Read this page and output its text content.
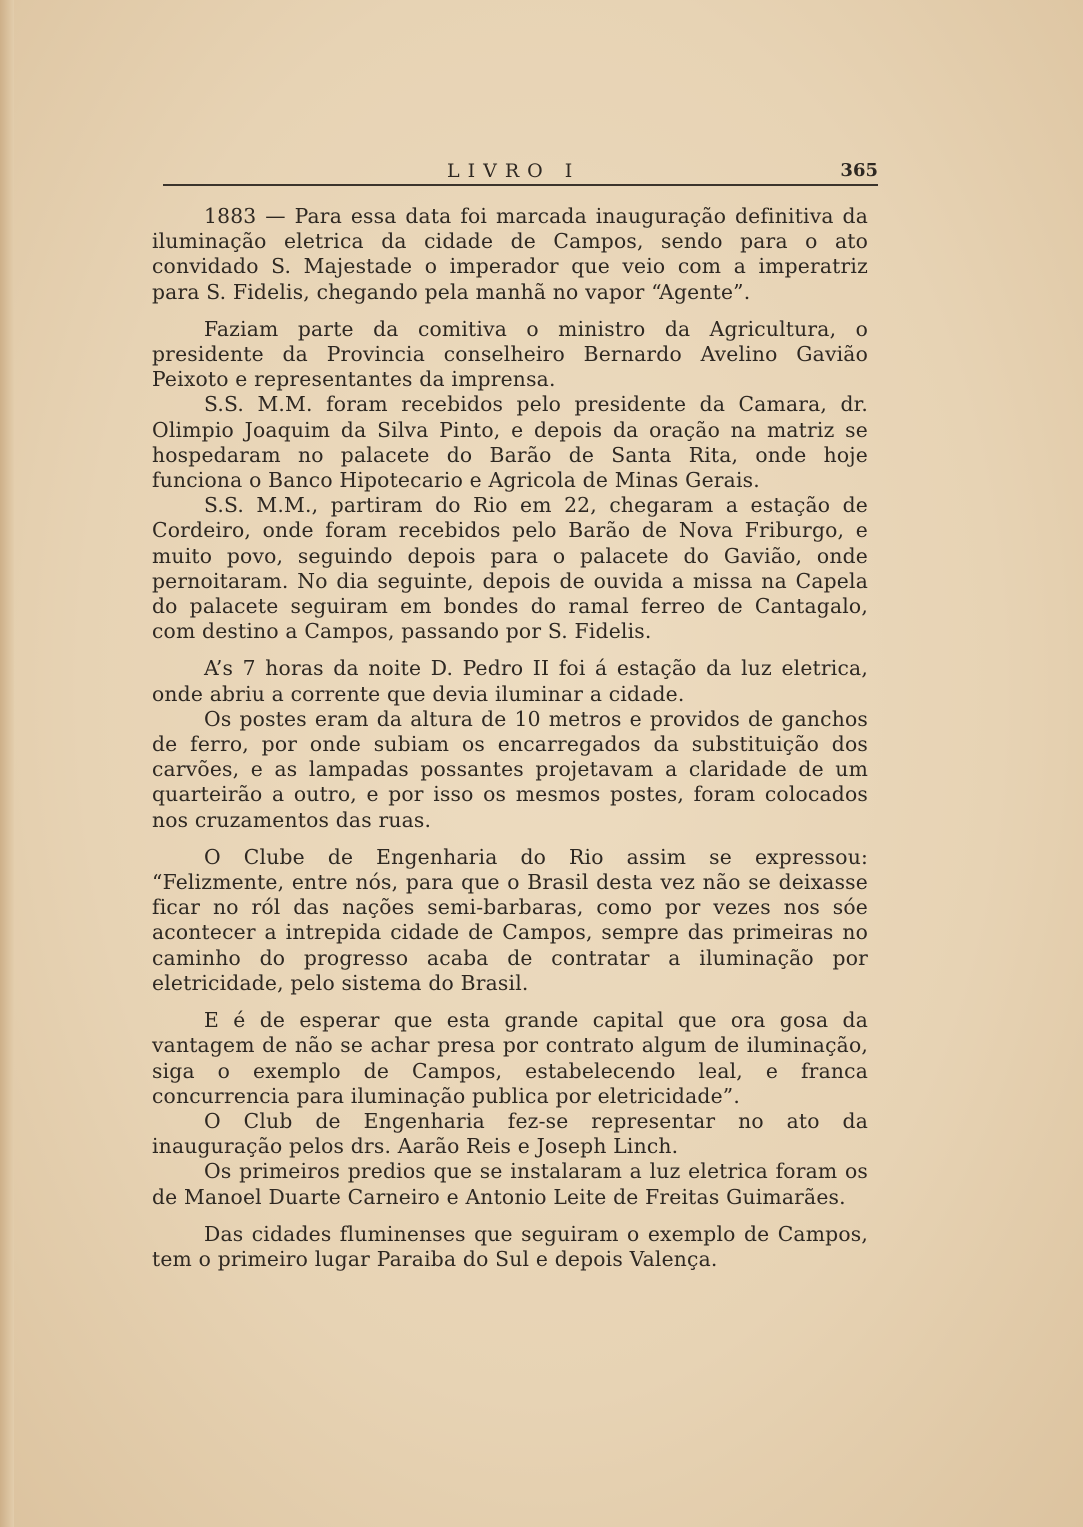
LIVRO I	365

1883 — Para essa data foi marcada inauguração definitiva da iluminação eletrica da cidade de Campos, sendo para o ato convidado S. Majestade o imperador que veio com a imperatriz para S. Fidelis, chegando pela manhã no vapor “Agente”.

Faziam parte da comitiva o ministro da Agricultura, o presidente da Provincia conselheiro Bernardo Avelino Gavião Peixoto e representantes da imprensa.

S.S. M.M. foram recebidos pelo presidente da Camara, dr. Olimpio Joaquim da Silva Pinto, e depois da oração na matriz se hospedaram no palacete do Barão de Santa Rita, onde hoje funciona o Banco Hipotecario e Agricola de Minas Gerais.

S.S. M.M., partiram do Rio em 22, chegaram a estação de Cordeiro, onde foram recebidos pelo Barão de Nova Friburgo, e muito povo, seguindo depois para o palacete do Gavião, onde pernoitaram. No dia seguinte, depois de ouvida a missa na Capela do palacete seguiram em bondes do ramal ferreo de Cantagalo, com destino a Campos, passando por S. Fidelis.

A’s 7 horas da noite D. Pedro II foi á estação da luz eletrica, onde abriu a corrente que devia iluminar a cidade.

Os postes eram da altura de 10 metros e providos de ganchos de ferro, por onde subiam os encarregados da substituição dos carvões, e as lampadas possantes projetavam a claridade de um quarteirão a outro, e por isso os mesmos postes, foram colocados nos cruzamentos das ruas.

O Clube de Engenharia do Rio assim se expressou: “Felizmente, entre nós, para que o Brasil desta vez não se deixasse ficar no ról das nações semi-barbaras, como por vezes nos sóe acontecer a intrepida cidade de Campos, sempre das primeiras no caminho do progresso acaba de contratar a iluminação por eletricidade, pelo sistema do Brasil.

E é de esperar que esta grande capital que ora gosa da vantagem de não se achar presa por contrato algum de iluminação, siga o exemplo de Campos, estabelecendo leal, e franca concurrencia para iluminação publica por eletricidade”.

O Club de Engenharia fez-se representar no ato da inauguração pelos drs. Aarão Reis e Joseph Linch.

Os primeiros predios que se instalaram a luz eletrica foram os de Manoel Duarte Carneiro e Antonio Leite de Freitas Guimarães.

Das cidades fluminenses que seguiram o exemplo de Campos, tem o primeiro lugar Paraiba do Sul e depois Valença.
